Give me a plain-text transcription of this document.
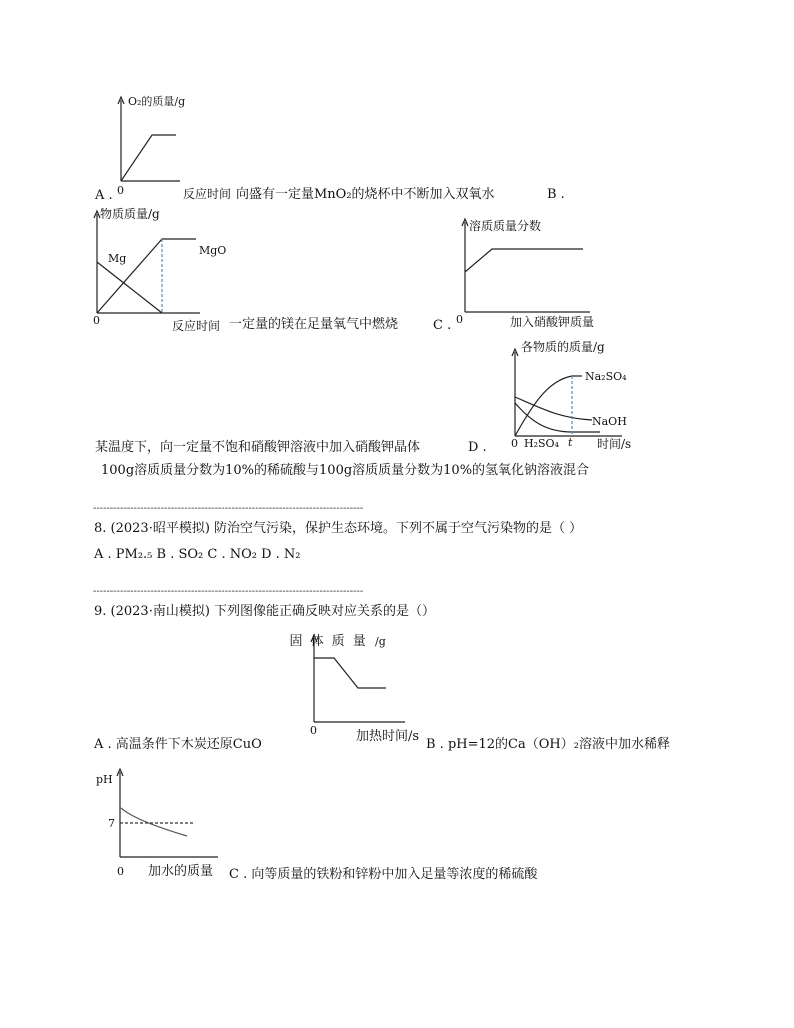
O₂的质量/g
0
A .	反应时间 向盛有一定量MnO₂的烧杯中不断加入双氧水	B .
物质质量/g
Mg
MgO
0	反应时间 一定量的镁在足量氧气中燃烧	C .
溶质质量分数
0	加入硝酸钾质量
各物质的质量/g
Na₂SO₄
NaOH
0 H₂SO₄ t 时间/s
某温度下，向一定量不饱和硝酸钾溶液中加入硝酸钾晶体	D .
100g溶质质量分数为10%的稀硫酸与100g溶质质量分数为10%的氢氧化钠溶液混合
--------------------------------------------------------------------------------
8. (2023·昭平模拟) 防治空气污染，保护生态环境。下列不属于空气污染物的是（ ）
A . PM₂.₅ B . SO₂ C . NO₂ D . N₂
--------------------------------------------------------------------------------
9. (2023·南山模拟) 下列图像能正确反映对应关系的是（）
固 体 质 量 /g
0	加热时间/s
A . 高温条件下木炭还原CuO	B . pH=12的Ca（OH）₂溶液中加水稀释
pH
7
0 加水的质量 C . 向等质量的铁粉和锌粉中加入足量等浓度的稀硫酸
